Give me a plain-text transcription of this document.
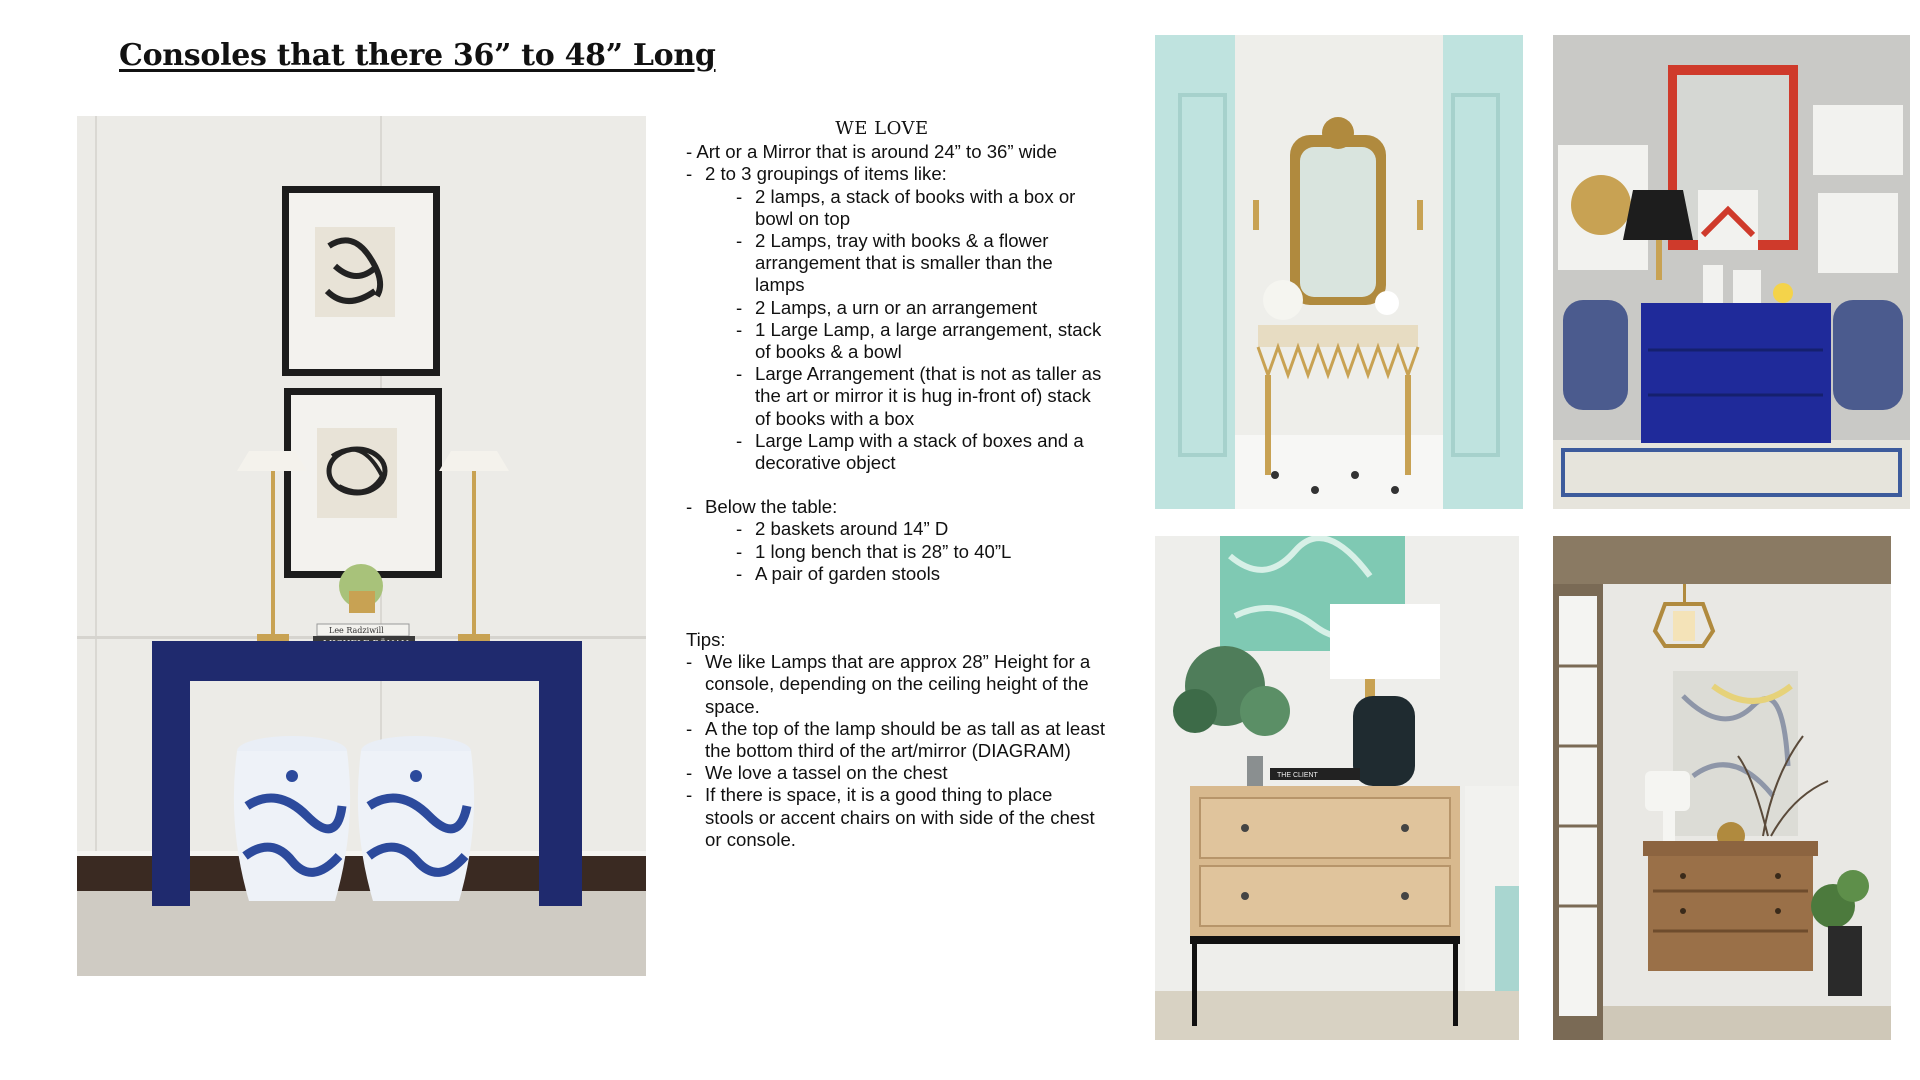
Consoles that there 36” to 48” Long
Lee Radziwill
WE LOVE
- Art or a Mirror that is around 24” to 36” wide
- 2 to 3 groupings of items like:
- 2 lamps, a stack of books with a box or bowl on top
- 2 Lamps, tray with books & a flower arrangement that is smaller than the lamps
- 2 Lamps, a urn or an arrangement
- 1 Large Lamp, a large arrangement, stack of books & a bowl
- Large Arrangement (that is not as taller as the art or mirror it is hug in-front of) stack of books with a box
- Large Lamp with a stack of boxes and a decorative object
- Below the table:
- 2 baskets around 14” D
- 1 long bench that is 28” to 40”L
- A pair of garden stools
Tips:
- We like Lamps that are approx 28” Height for a console, depending on the ceiling height of the space.
- A the top of the lamp should be as tall as at least the bottom third of the art/mirror (DIAGRAM)
- We love a tassel on the chest
- If there is space, it is a good thing to place stools or accent chairs on with side of the chest or console.
THE CLIENT
